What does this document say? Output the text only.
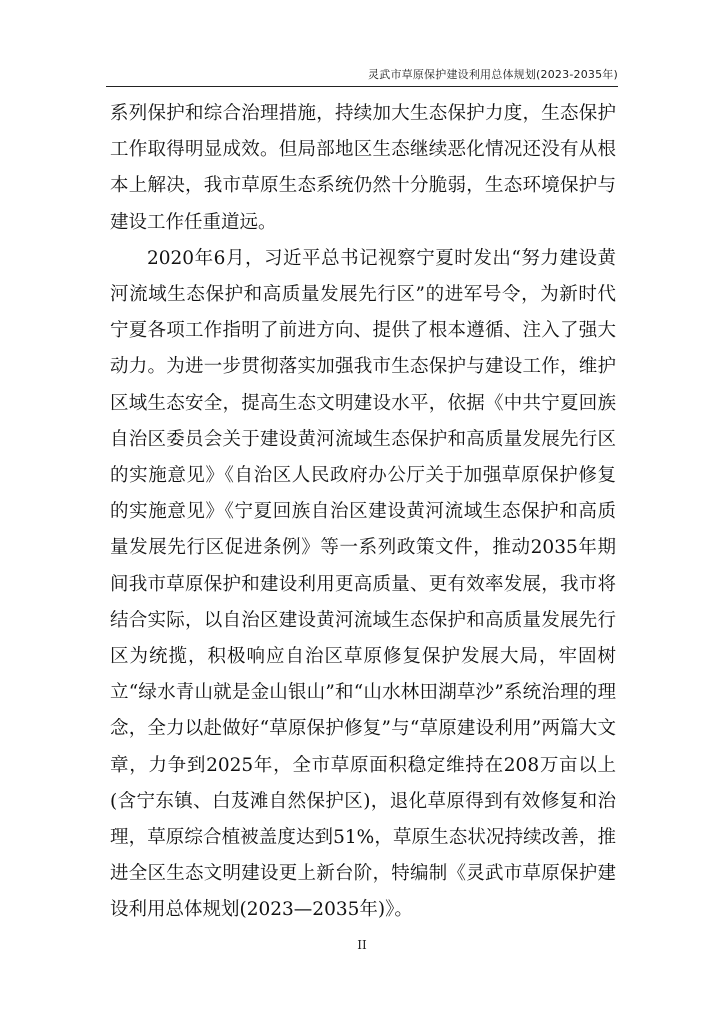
灵武市草原保护建设利用总体规划(2023-2035年)

系列保护和综合治理措施，持续加大生态保护力度，生态保护工作取得明显成效。但局部地区生态继续恶化情况还没有从根本上解决，我市草原生态系统仍然十分脆弱，生态环境保护与建设工作任重道远。

2020年6月，习近平总书记视察宁夏时发出“努力建设黄河流域生态保护和高质量发展先行区”的进军号令，为新时代宁夏各项工作指明了前进方向、提供了根本遵循、注入了强大动力。为进一步贯彻落实加强我市生态保护与建设工作，维护区域生态安全，提高生态文明建设水平，依据《中共宁夏回族自治区委员会关于建设黄河流域生态保护和高质量发展先行区的实施意见》《自治区人民政府办公厅关于加强草原保护修复的实施意见》《宁夏回族自治区建设黄河流域生态保护和高质量发展先行区促进条例》等一系列政策文件，推动2035年期间我市草原保护和建设利用更高质量、更有效率发展，我市将结合实际，以自治区建设黄河流域生态保护和高质量发展先行区为统揽，积极响应自治区草原修复保护发展大局，牢固树立“绿水青山就是金山银山”和“山水林田湖草沙”系统治理的理念，全力以赴做好“草原保护修复”与“草原建设利用”两篇大文章，力争到2025年，全市草原面积稳定维持在208万亩以上(含宁东镇、白芨滩自然保护区)，退化草原得到有效修复和治理，草原综合植被盖度达到51%，草原生态状况持续改善，推进全区生态文明建设更上新台阶，特编制《灵武市草原保护建设利用总体规划(2023—2035年)》。

II
